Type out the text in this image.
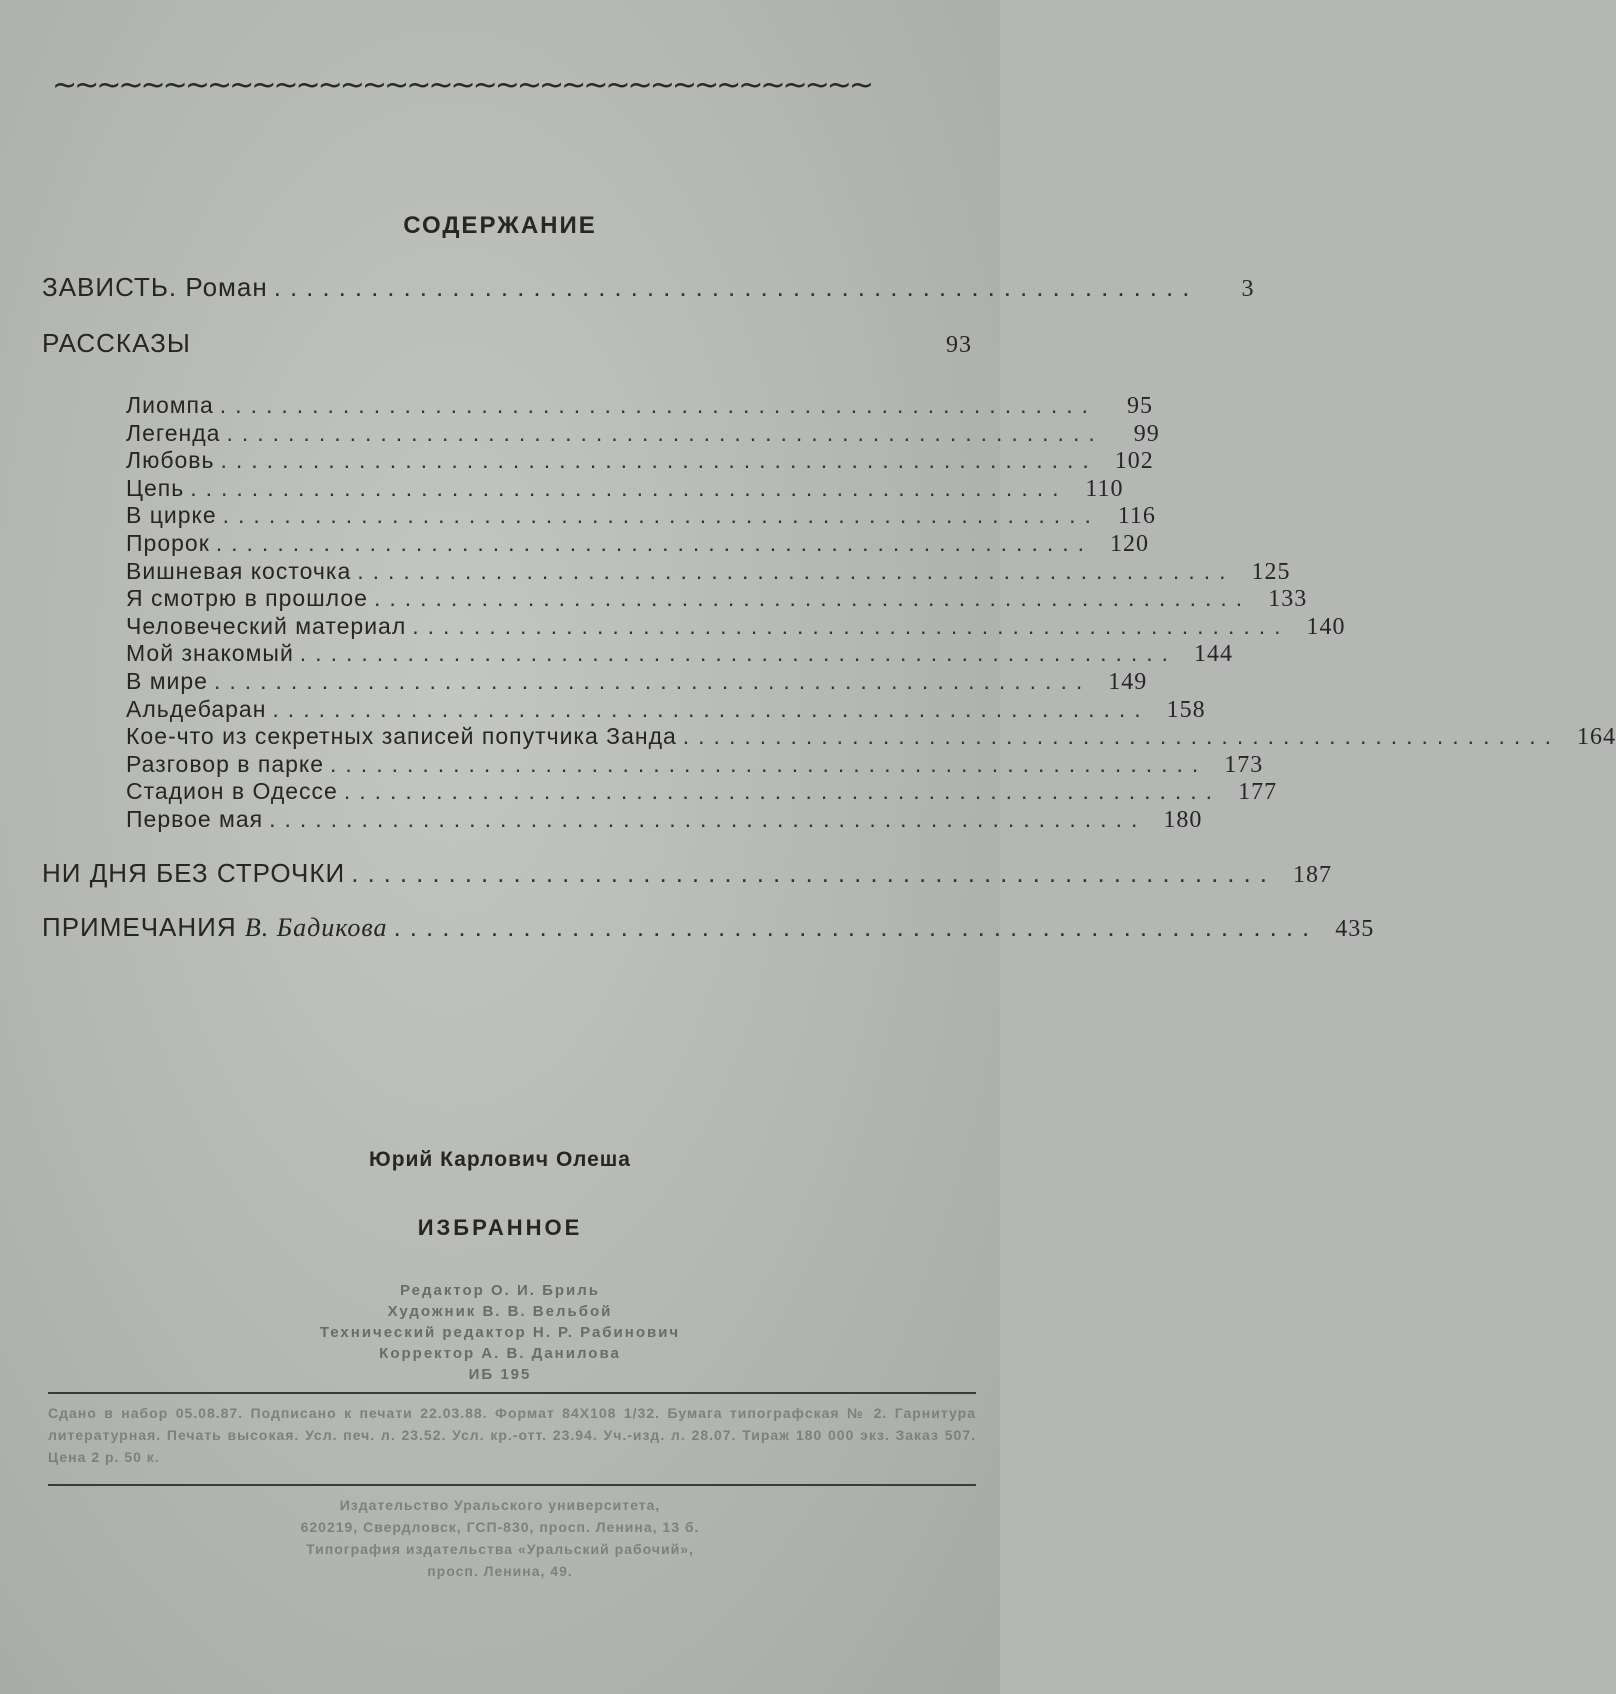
~~~~~~~~~~~~~~~~~~~~~~~~~~~~~~~~~~~~~
СОДЕРЖАНИЕ
ЗАВИСТЬ. Роман .........................................................	3
РАССКАЗЫ	93
Лиомпа .........................................................	95
Легенда .........................................................	99
Любовь ......................................................... 102
Цепь ......................................................... 110
В цирке ......................................................... 116
Пророк ......................................................... 120
Вишневая косточка ......................................................... 125
Я смотрю в прошлое ......................................................... 133
Человеческий материал ......................................................... 140
Мой знакомый ......................................................... 144
В мире ......................................................... 149
Альдебаран ......................................................... 158
Кое-что из секретных записей попутчика Занда ......................................................... 164
Разговор в парке ......................................................... 173
Стадион в Одессе ......................................................... 177
Первое мая ......................................................... 180
НИ ДНЯ БЕЗ СТРОЧКИ ......................................................... 187
ПРИМЕЧАНИЯ В. Бадикова ......................................................... 435
Юрий Карлович Олеша
ИЗБРАННОЕ
Редактор О. И. Бриль
Художник В. В. Вельбой
Технический редактор Н. Р. Рабинович
Корректор А. В. Данилова
ИБ 195
Сдано в набор 05.08.87. Подписано к печати 22.03.88. Формат 84Х108 1/32. Бумага типографская № 2. Гарнитура литературная. Печать высокая. Усл. печ. л. 23.52. Усл. кр.-отт. 23.94. Уч.-изд. л. 28.07. Тираж 180 000 экз. Заказ 507. Цена 2 р. 50 к.
Издательство Уральского университета,
620219, Свердловск, ГСП-830, просп. Ленина, 13 б.
Типография издательства «Уральский рабочий»,
просп. Ленина, 49.
